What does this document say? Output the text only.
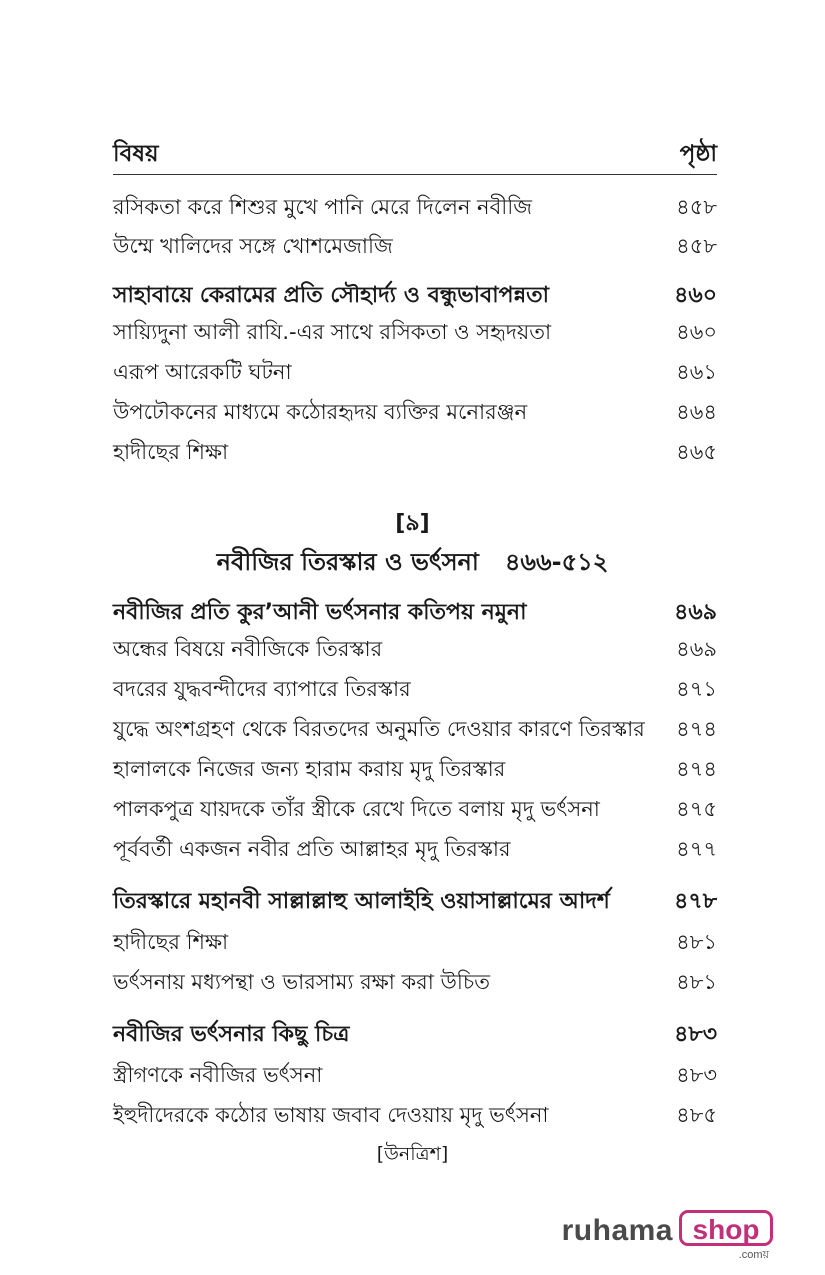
বিষয়	পৃষ্ঠা
রসিকতা করে শিশুর মুখে পানি মেরে দিলেন নবীজি	৪৫৮
উম্মে খালিদের সঙ্গে খোশমেজাজি	৪৫৮
সাহাবায়ে কেরামের প্রতি সৌহার্দ্য ও বন্ধুভাবাপন্নতা	৪৬০
সায়্যিদুনা আলী রাযি.-এর সাথে রসিকতা ও সহৃদয়তা	৪৬০
এরূপ আরেকটি ঘটনা	৪৬১
উপঢৌকনের মাধ্যমে কঠোরহৃদয় ব্যক্তির মনোরঞ্জন	৪৬৪
হাদীছের শিক্ষা	৪৬৫
[৯]
নবীজির তিরস্কার ও ভর্ৎসনা ৪৬৬-৫১২
নবীজির প্রতি কুর’আনী ভর্ৎসনার কতিপয় নমুনা	৪৬৯
অন্ধের বিষয়ে নবীজিকে তিরস্কার	৪৬৯
বদরের যুদ্ধবন্দীদের ব্যাপারে তিরস্কার	৪৭১
যুদ্ধে অংশগ্রহণ থেকে বিরতদের অনুমতি দেওয়ার কারণে তিরস্কার ৪৭৪
হালালকে নিজের জন্য হারাম করায় মৃদু তিরস্কার	৪৭৪
পালকপুত্র যায়দকে তাঁর স্ত্রীকে রেখে দিতে বলায় মৃদু ভর্ৎসনা	৪৭৫
পূর্ববর্তী একজন নবীর প্রতি আল্লাহর মৃদু তিরস্কার	৪৭৭
তিরস্কারে মহানবী সাল্লাল্লাহু আলাইহি ওয়াসাল্লামের আদর্শ	৪৭৮
হাদীছের শিক্ষা	৪৮১
ভর্ৎসনায় মধ্যপন্থা ও ভারসাম্য রক্ষা করা উচিত	৪৮১
নবীজির ভর্ৎসনার কিছু চিত্র	৪৮৩
স্ত্রীগণকে নবীজির ভর্ৎসনা	৪৮৩
ইহুদীদেরকে কঠোর ভাষায় জবাব দেওয়ায় মৃদু ভর্ৎসনা	৪৮৫
[উনত্রিশ]
ruhama shop
.comয়
